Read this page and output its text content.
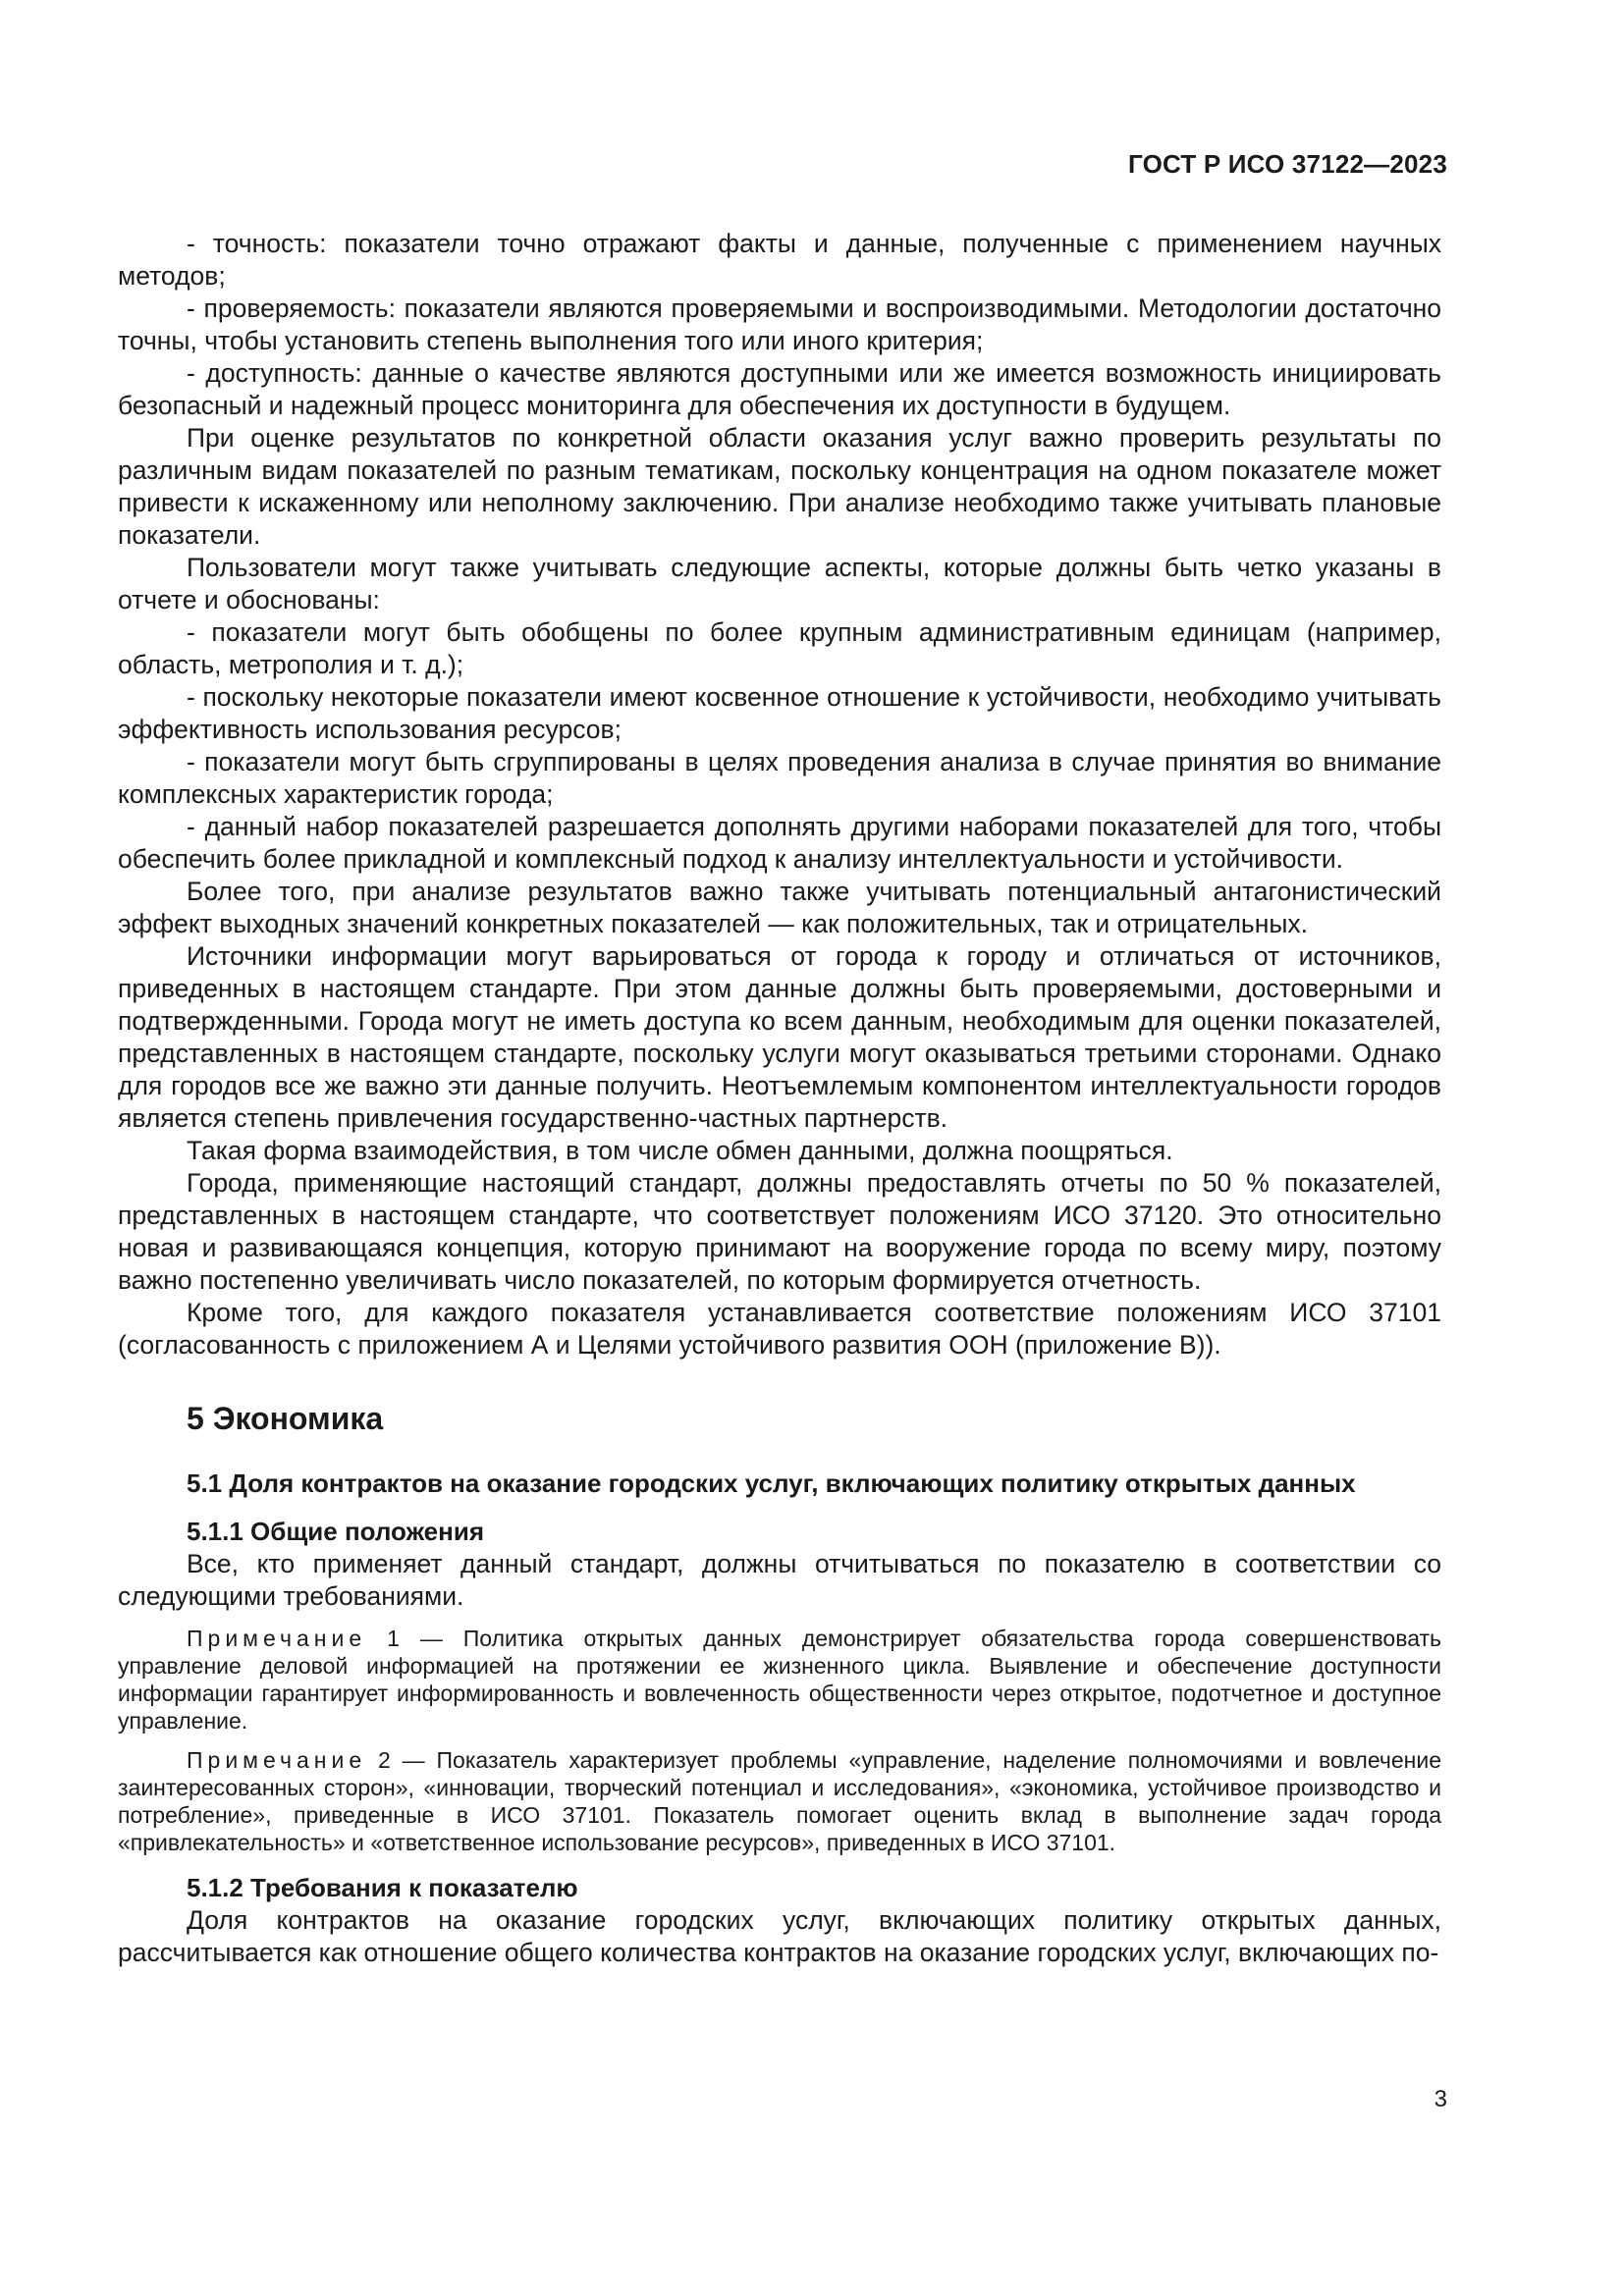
ГОСТ Р ИСО 37122—2023

- точность: показатели точно отражают факты и данные, полученные с применением научных методов;

- проверяемость: показатели являются проверяемыми и воспроизводимыми. Методологии достаточно точны, чтобы установить степень выполнения того или иного критерия;

- доступность: данные о качестве являются доступными или же имеется возможность инициировать безопасный и надежный процесс мониторинга для обеспечения их доступности в будущем.

При оценке результатов по конкретной области оказания услуг важно проверить результаты по различным видам показателей по разным тематикам, поскольку концентрация на одном показателе может привести к искаженному или неполному заключению. При анализе необходимо также учитывать плановые показатели.

Пользователи могут также учитывать следующие аспекты, которые должны быть четко указаны в отчете и обоснованы:

- показатели могут быть обобщены по более крупным административным единицам (например, область, метрополия и т. д.);

- поскольку некоторые показатели имеют косвенное отношение к устойчивости, необходимо учитывать эффективность использования ресурсов;

- показатели могут быть сгруппированы в целях проведения анализа в случае принятия во внимание комплексных характеристик города;

- данный набор показателей разрешается дополнять другими наборами показателей для того, чтобы обеспечить более прикладной и комплексный подход к анализу интеллектуальности и устойчивости.

Более того, при анализе результатов важно также учитывать потенциальный антагонистический эффект выходных значений конкретных показателей — как положительных, так и отрицательных.

Источники информации могут варьироваться от города к городу и отличаться от источников, приведенных в настоящем стандарте. При этом данные должны быть проверяемыми, достоверными и подтвержденными. Города могут не иметь доступа ко всем данным, необходимым для оценки показателей, представленных в настоящем стандарте, поскольку услуги могут оказываться третьими сторонами. Однако для городов все же важно эти данные получить. Неотъемлемым компонентом интеллектуальности городов является степень привлечения государственно-частных партнерств.

Такая форма взаимодействия, в том числе обмен данными, должна поощряться.

Города, применяющие настоящий стандарт, должны предоставлять отчеты по 50 % показателей, представленных в настоящем стандарте, что соответствует положениям ИСО 37120. Это относительно новая и развивающаяся концепция, которую принимают на вооружение города по всему миру, поэтому важно постепенно увеличивать число показателей, по которым формируется отчетность.

Кроме того, для каждого показателя устанавливается соответствие положениям ИСО 37101 (согласованность с приложением А и Целями устойчивого развития ООН (приложение В)).

5 Экономика
5.1 Доля контрактов на оказание городских услуг, включающих политику открытых данных
5.1.1 Общие положения

Все, кто применяет данный стандарт, должны отчитываться по показателю в соответствии со следующими требованиями.

Примечание 1 — Политика открытых данных демонстрирует обязательства города совершенствовать управление деловой информацией на протяжении ее жизненного цикла. Выявление и обеспечение доступности информации гарантирует информированность и вовлеченность общественности через открытое, подотчетное и доступное управление.

Примечание 2 — Показатель характеризует проблемы «управление, наделение полномочиями и вовлечение заинтересованных сторон», «инновации, творческий потенциал и исследования», «экономика, устойчивое производство и потребление», приведенные в ИСО 37101. Показатель помогает оценить вклад в выполнение задач города «привлекательность» и «ответственное использование ресурсов», приведенных в ИСО 37101.

5.1.2 Требования к показателю

Доля контрактов на оказание городских услуг, включающих политику открытых данных, рассчитывается как отношение общего количества контрактов на оказание городских услуг, включающих по-

3
